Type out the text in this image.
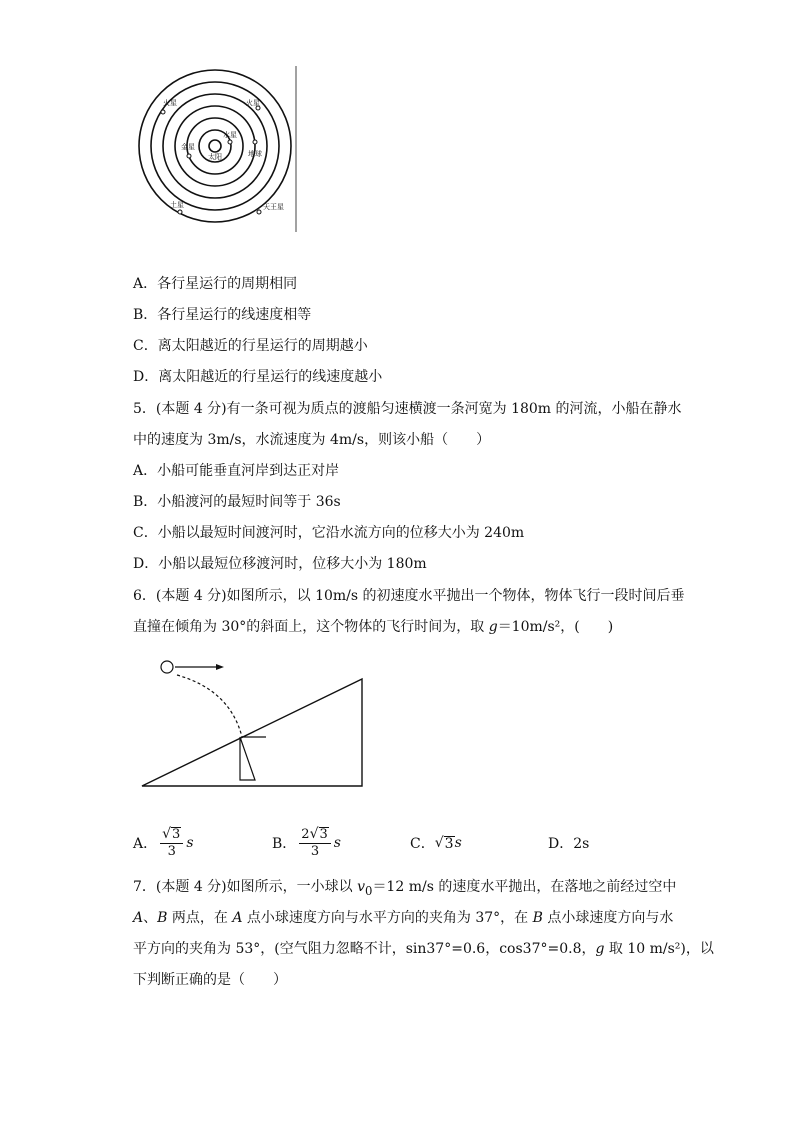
火星	火星
水星
金星
太阳	地球
土星	天王星
A．各行星运行的周期相同
B．各行星运行的线速度相等
C．离太阳越近的行星运行的周期越小
D．离太阳越近的行星运行的线速度越小
5．(本题 4 分)有一条可视为质点的渡船匀速横渡一条河宽为 180m 的河流，小船在静水
中的速度为 3m/s，水流速度为 4m/s，则该小船（　　）
A．小船可能垂直河岸到达正对岸
B．小船渡河的最短时间等于 36s
C．小船以最短时间渡河时，它沿水流方向的位移大小为 240m
D．小船以最短位移渡河时，位移大小为 180m
6．(本题 4 分)如图所示，以 10m/s 的初速度水平抛出一个物体，物体飞行一段时间后垂
直撞在倾角为 30°的斜面上，这个物体的飞行时间为，取 g＝10m/s²，(　　)
A． $\frac{√ 3}{3}$ s	B． $\frac{2 √ 3}{3}$ s	C． √ 3 s	D．2s
7．(本题 4 分)如图所示，一小球以 $v_0=12$ m/s 的速度水平抛出，在落地之前经过空中
A、B 两点，在 A 点小球速度方向与水平方向的夹角为 37°，在 B 点小球速度方向与水
平方向的夹角为 53°，(空气阻力忽略不计，sin37°=0.6，cos37°=0.8，g 取 10 m/s²)，以
下判断正确的是（　　）
